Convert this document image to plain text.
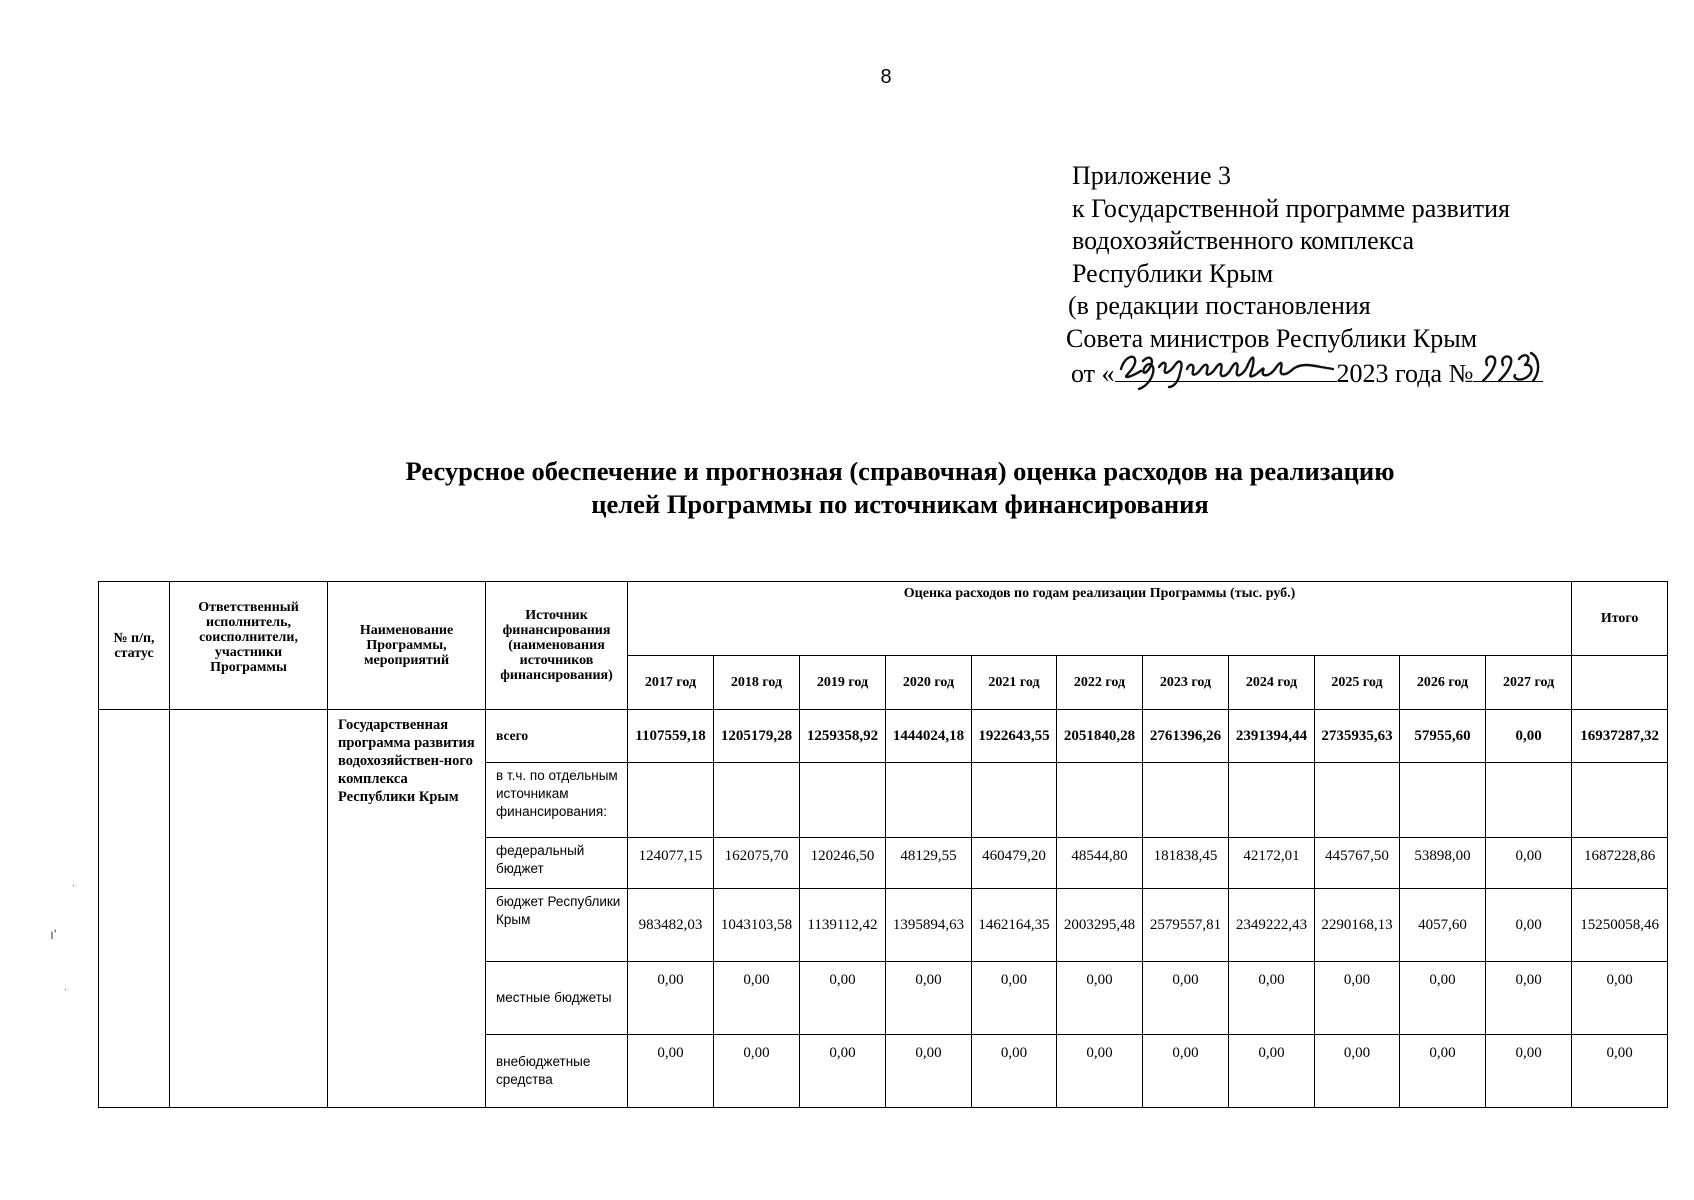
8
Приложение 3
к Государственной программе развития
водохозяйственного комплекса
Республики Крым
(в редакции постановления
Совета министров Республики Крым
от «	2023 года №
Ресурсное обеспечение и прогнозная (справочная) оценка расходов на реализацию
целей Программы по источникам финансирования
№ п/п, статус	Ответственный исполнитель, соисполнители, участники Программы	Наименование Программы, мероприятий	Источник финансирования (наименования источников финансирования)	Оценка расходов по годам реализации Программы (тыс. руб.)											Итого
				2017 год	2018 год	2019 год	2020 год	2021 год	2022 год	2023 год	2024 год	2025 год	2026 год	2027 год	
		Государственная программа развития водохозяйствен-ного комплекса Республики Крым	всего	1107559,18	1205179,28	1259358,92	1444024,18	1922643,55	2051840,28	2761396,26	2391394,44	2735935,63	57955,60	0,00	16937287,32
			в т.ч. по отдельным источникам финансирования:												
			федеральный бюджет	124077,15	162075,70	120246,50	48129,55	460479,20	48544,80	181838,45	42172,01	445767,50	53898,00	0,00	1687228,86
			бюджет Республики Крым	983482,03	1043103,58	1139112,42	1395894,63	1462164,35	2003295,48	2579557,81	2349222,43	2290168,13	4057,60	0,00	15250058,46
			местные бюджеты	0,00	0,00	0,00	0,00	0,00	0,00	0,00	0,00	0,00	0,00	0,00	0,00
			внебюджетные средства	0,00	0,00	0,00	0,00	0,00	0,00	0,00	0,00	0,00	0,00	0,00	0,00
ı'
.
.
